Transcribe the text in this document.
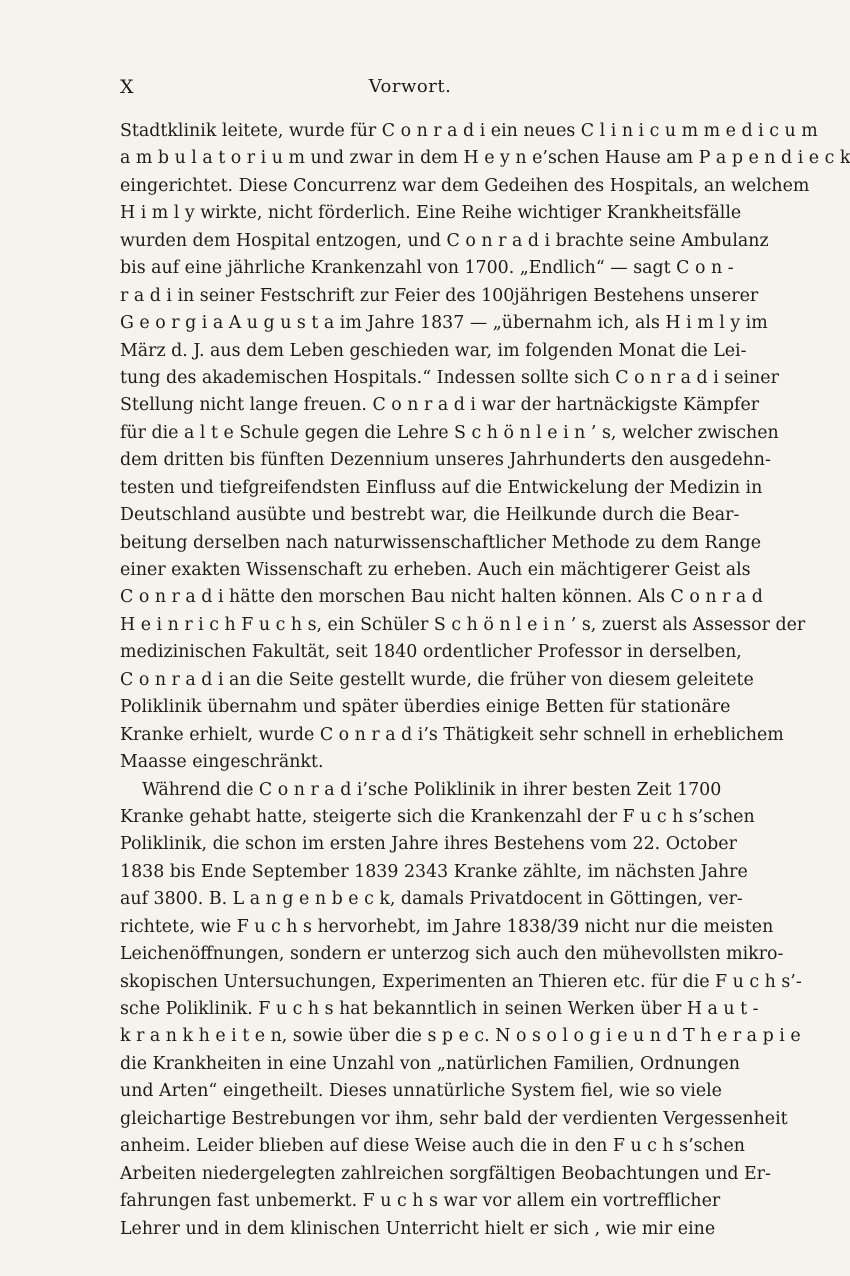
X	Vorwort.
Stadtklinik leitete, wurde für C o n r a d i ein neues C l i n i c u m m e d i c u m
a m b u l a t o r i u m und zwar in dem H e y n e’schen Hause am P a p e n d i e c k
eingerichtet. Diese Concurrenz war dem Gedeihen des Hospitals, an welchem
H i m l y wirkte, nicht förderlich. Eine Reihe wichtiger Krankheitsfälle
wurden dem Hospital entzogen, und C o n r a d i brachte seine Ambulanz
bis auf eine jährliche Krankenzahl von 1700. „Endlich“ — sagt C o n -
r a d i in seiner Festschrift zur Feier des 100jährigen Bestehens unserer
G e o r g i a A u g u s t a im Jahre 1837 — „übernahm ich, als H i m l y im
März d. J. aus dem Leben geschieden war, im folgenden Monat die Lei-
tung des akademischen Hospitals.“ Indessen sollte sich C o n r a d i seiner
Stellung nicht lange freuen. C o n r a d i war der hartnäckigste Kämpfer
für die a l t e Schule gegen die Lehre S c h ö n l e i n ’ s, welcher zwischen
dem dritten bis fünften Dezennium unseres Jahrhunderts den ausgedehn-
testen und tiefgreifendsten Einfluss auf die Entwickelung der Medizin in
Deutschland ausübte und bestrebt war, die Heilkunde durch die Bear-
beitung derselben nach naturwissenschaftlicher Methode zu dem Range
einer exakten Wissenschaft zu erheben. Auch ein mächtigerer Geist als
C o n r a d i hätte den morschen Bau nicht halten können. Als C o n r a d
H e i n r i c h F u c h s, ein Schüler S c h ö n l e i n ’ s, zuerst als Assessor der
medizinischen Fakultät, seit 1840 ordentlicher Professor in derselben,
C o n r a d i an die Seite gestellt wurde, die früher von diesem geleitete
Poliklinik übernahm und später überdies einige Betten für stationäre
Kranke erhielt, wurde C o n r a d i’s Thätigkeit sehr schnell in erheblichem
Maasse eingeschränkt.
Während die C o n r a d i’sche Poliklinik in ihrer besten Zeit 1700
Kranke gehabt hatte, steigerte sich die Krankenzahl der F u c h s’schen
Poliklinik, die schon im ersten Jahre ihres Bestehens vom 22. October
1838 bis Ende September 1839 2343 Kranke zählte, im nächsten Jahre
auf 3800. B. L a n g e n b e c k, damals Privatdocent in Göttingen, ver-
richtete, wie F u c h s hervorhebt, im Jahre 1838/39 nicht nur die meisten
Leichenöffnungen, sondern er unterzog sich auch den mühevollsten mikro-
skopischen Untersuchungen, Experimenten an Thieren etc. für die F u c h s’-
sche Poliklinik. F u c h s hat bekanntlich in seinen Werken über H a u t -
k r a n k h e i t e n, sowie über die s p e c. N o s o l o g i e u n d T h e r a p i e
die Krankheiten in eine Unzahl von „natürlichen Familien, Ordnungen
und Arten“ eingetheilt. Dieses unnatürliche System fiel, wie so viele
gleichartige Bestrebungen vor ihm, sehr bald der verdienten Vergessenheit
anheim. Leider blieben auf diese Weise auch die in den F u c h s’schen
Arbeiten niedergelegten zahlreichen sorgfältigen Beobachtungen und Er-
fahrungen fast unbemerkt. F u c h s war vor allem ein vortrefflicher
Lehrer und in dem klinischen Unterricht hielt er sich , wie mir eine
